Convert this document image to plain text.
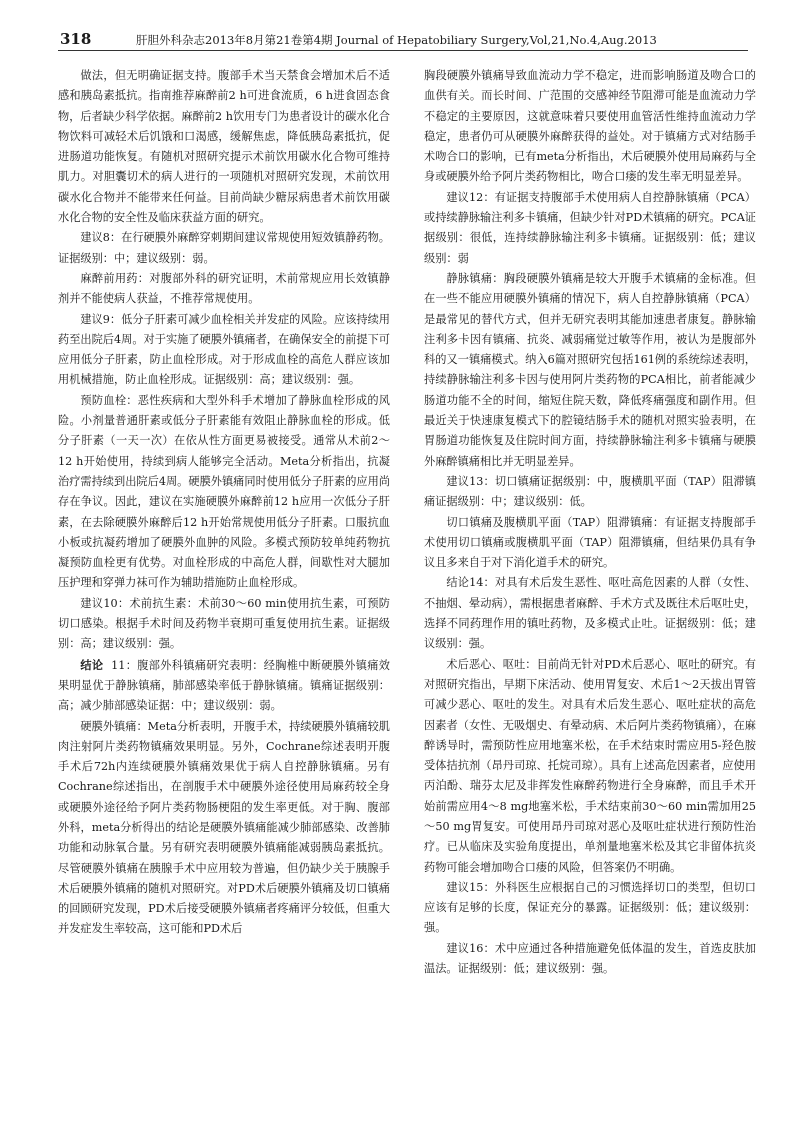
318	肝胆外科杂志2013年8月第21卷第4期 Journal of Hepatobiliary Surgery,Vol,21,No.4,Aug.2013

做法，但无明确证据支持。腹部手术当天禁食会增加术后不适感和胰岛素抵抗。指南推荐麻醉前2 h可进食流质，6 h进食固态食物，后者缺少科学依据。麻醉前2 h饮用专门为患者设计的碳水化合物饮料可减轻术后饥饿和口渴感，缓解焦虑，降低胰岛素抵抗，促进肠道功能恢复。有随机对照研究提示术前饮用碳水化合物可维持肌力。对胆囊切术的病人进行的一项随机对照研究发现，术前饮用碳水化合物并不能带来任何益。目前尚缺少糖尿病患者术前饮用碳水化合物的安全性及临床获益方面的研究。

建议8：在行硬膜外麻醉穿刺期间建议常规使用短效镇静药物。证据级别：中；建议级别：弱。

麻醉前用药：对腹部外科的研究证明，术前常规应用长效镇静剂并不能使病人获益，不推荐常规使用。

建议9：低分子肝素可减少血栓相关并发症的风险。应该持续用药至出院后4周。对于实施了硬膜外镇痛者，在确保安全的前提下可应用低分子肝素，防止血栓形成。对于形成血栓的高危人群应该加用机械措施，防止血栓形成。证据级别：高；建议级别：强。

预防血栓：恶性疾病和大型外科手术增加了静脉血栓形成的风险。小剂量普通肝素或低分子肝素能有效阻止静脉血栓的形成。低分子肝素（一天一次）在依从性方面更易被接受。通常从术前2～12 h开始使用，持续到病人能够完全活动。Meta分析指出，抗凝治疗需持续到出院后4周。硬膜外镇痛同时使用低分子肝素的应用尚存在争议。因此，建议在实施硬膜外麻醉前12 h应用一次低分子肝素，在去除硬膜外麻醉后12 h开始常规使用低分子肝素。口服抗血小板或抗凝药增加了硬膜外血肿的风险。多模式预防较单纯药物抗凝预防血栓更有优势。对血栓形成的中高危人群，间歇性对大腿加压护理和穿弹力袜可作为辅助措施防止血栓形成。

建议10：术前抗生素：术前30～60 min使用抗生素，可预防切口感染。根据手术时间及药物半衰期可重复使用抗生素。证据级别：高；建议级别：强。

结论 11：腹部外科镇痛研究表明：经胸椎中断硬膜外镇痛效果明显优于静脉镇痛，肺部感染率低于静脉镇痛。镇痛证据级别：高；减少肺部感染证据：中；建议级别：弱。

硬膜外镇痛：Meta分析表明，开腹手术，持续硬膜外镇痛较肌肉注射阿片类药物镇痛效果明显。另外，Cochrane综述表明开腹手术后72h内连续硬膜外镇痛效果优于病人自控静脉镇痛。另有Cochrane综述指出，在剖腹手术中硬膜外途径使用局麻药较全身或硬膜外途径给予阿片类药物肠梗阻的发生率更低。对于胸、腹部外科，meta分析得出的结论是硬膜外镇痛能减少肺部感染、改善肺功能和动脉氧合量。另有研究表明硬膜外镇痛能减弱胰岛素抵抗。尽管硬膜外镇痛在胰腺手术中应用较为普遍，但仍缺少关于胰腺手术后硬膜外镇痛的随机对照研究。对PD术后硬膜外镇痛及切口镇痛的回顾研究发现，PD术后接受硬膜外镇痛者疼痛评分较低，但重大并发症发生率较高，这可能和PD术后

胸段硬膜外镇痛导致血流动力学不稳定，进而影响肠道及吻合口的血供有关。而长时间、广范围的交感神经节阻滞可能是血流动力学不稳定的主要原因，这就意味着只要使用血管活性维持血流动力学稳定，患者仍可从硬膜外麻醉获得的益处。对于镇痛方式对结肠手术吻合口的影响，已有meta分析指出，术后硬膜外使用局麻药与全身或硬膜外给予阿片类药物相比，吻合口瘘的发生率无明显差异。

建议12：有证据支持腹部手术使用病人自控静脉镇痛（PCA）或持续静脉输注利多卡镇痛，但缺少针对PD术镇痛的研究。PCA证据级别：很低，连持续静脉输注利多卡镇痛。证据级别：低；建议级别：弱

静脉镇痛：胸段硬膜外镇痛是较大开腹手术镇痛的金标准。但在一些不能应用硬膜外镇痛的情况下，病人自控静脉镇痛（PCA）是最常见的替代方式，但并无研究表明其能加速患者康复。静脉输注利多卡因有镇痛、抗炎、减弱痛觉过敏等作用，被认为是腹部外科的又一镇痛模式。纳入6篇对照研究包括161例的系统综述表明，持续静脉输注利多卡因与使用阿片类药物的PCA相比，前者能减少肠道功能不全的时间，缩短住院天数，降低疼痛强度和副作用。但最近关于快速康复模式下的腔镜结肠手术的随机对照实验表明，在胃肠道功能恢复及住院时间方面，持续静脉输注利多卡镇痛与硬膜外麻醉镇痛相比并无明显差异。

建议13：切口镇痛证据级别：中，腹横肌平面（TAP）阻滞镇痛证据级别：中；建议级别：低。

切口镇痛及腹横肌平面（TAP）阻滞镇痛：有证据支持腹部手术使用切口镇痛或腹横肌平面（TAP）阻滞镇痛，但结果仍具有争议且多来自于对下消化道手术的研究。

结论14：对具有术后发生恶性、呕吐高危因素的人群（女性、不抽烟、晕动病），需根据患者麻醉、手术方式及既往术后呕吐史，选择不同药理作用的镇吐药物，及多模式止吐。证据级别：低；建议级别：强。

术后恶心、呕吐：目前尚无针对PD术后恶心、呕吐的研究。有对照研究指出，早期下床活动、使用胃复安、术后1～2天拔出胃管可减少恶心、呕吐的发生。对具有术后发生恶心、呕吐症状的高危因素者（女性、无吸烟史、有晕动病、术后阿片类药物镇痛），在麻醉诱导时，需预防性应用地塞米松，在手术结束时需应用5-羟色胺受体拮抗剂（昂丹司琼、托烷司琼）。具有上述高危因素者，应使用丙泊酚、瑞芬太尼及非挥发性麻醉药物进行全身麻醉，而且手术开始前需应用4～8 mg地塞米松，手术结束前30～60 min需加用25～50 mg胃复安。可使用昂丹司琼对恶心及呕吐症状进行预防性治疗。已从临床及实验角度提出，单剂量地塞米松及其它非留体抗炎药物可能会增加吻合口瘘的风险，但答案仍不明确。

建议15：外科医生应根据自己的习惯选择切口的类型，但切口应该有足够的长度，保证充分的暴露。证据级别：低；建议级别：强。

建议16：术中应通过各种措施避免低体温的发生，首选皮肤加温法。证据级别：低；建议级别：强。
